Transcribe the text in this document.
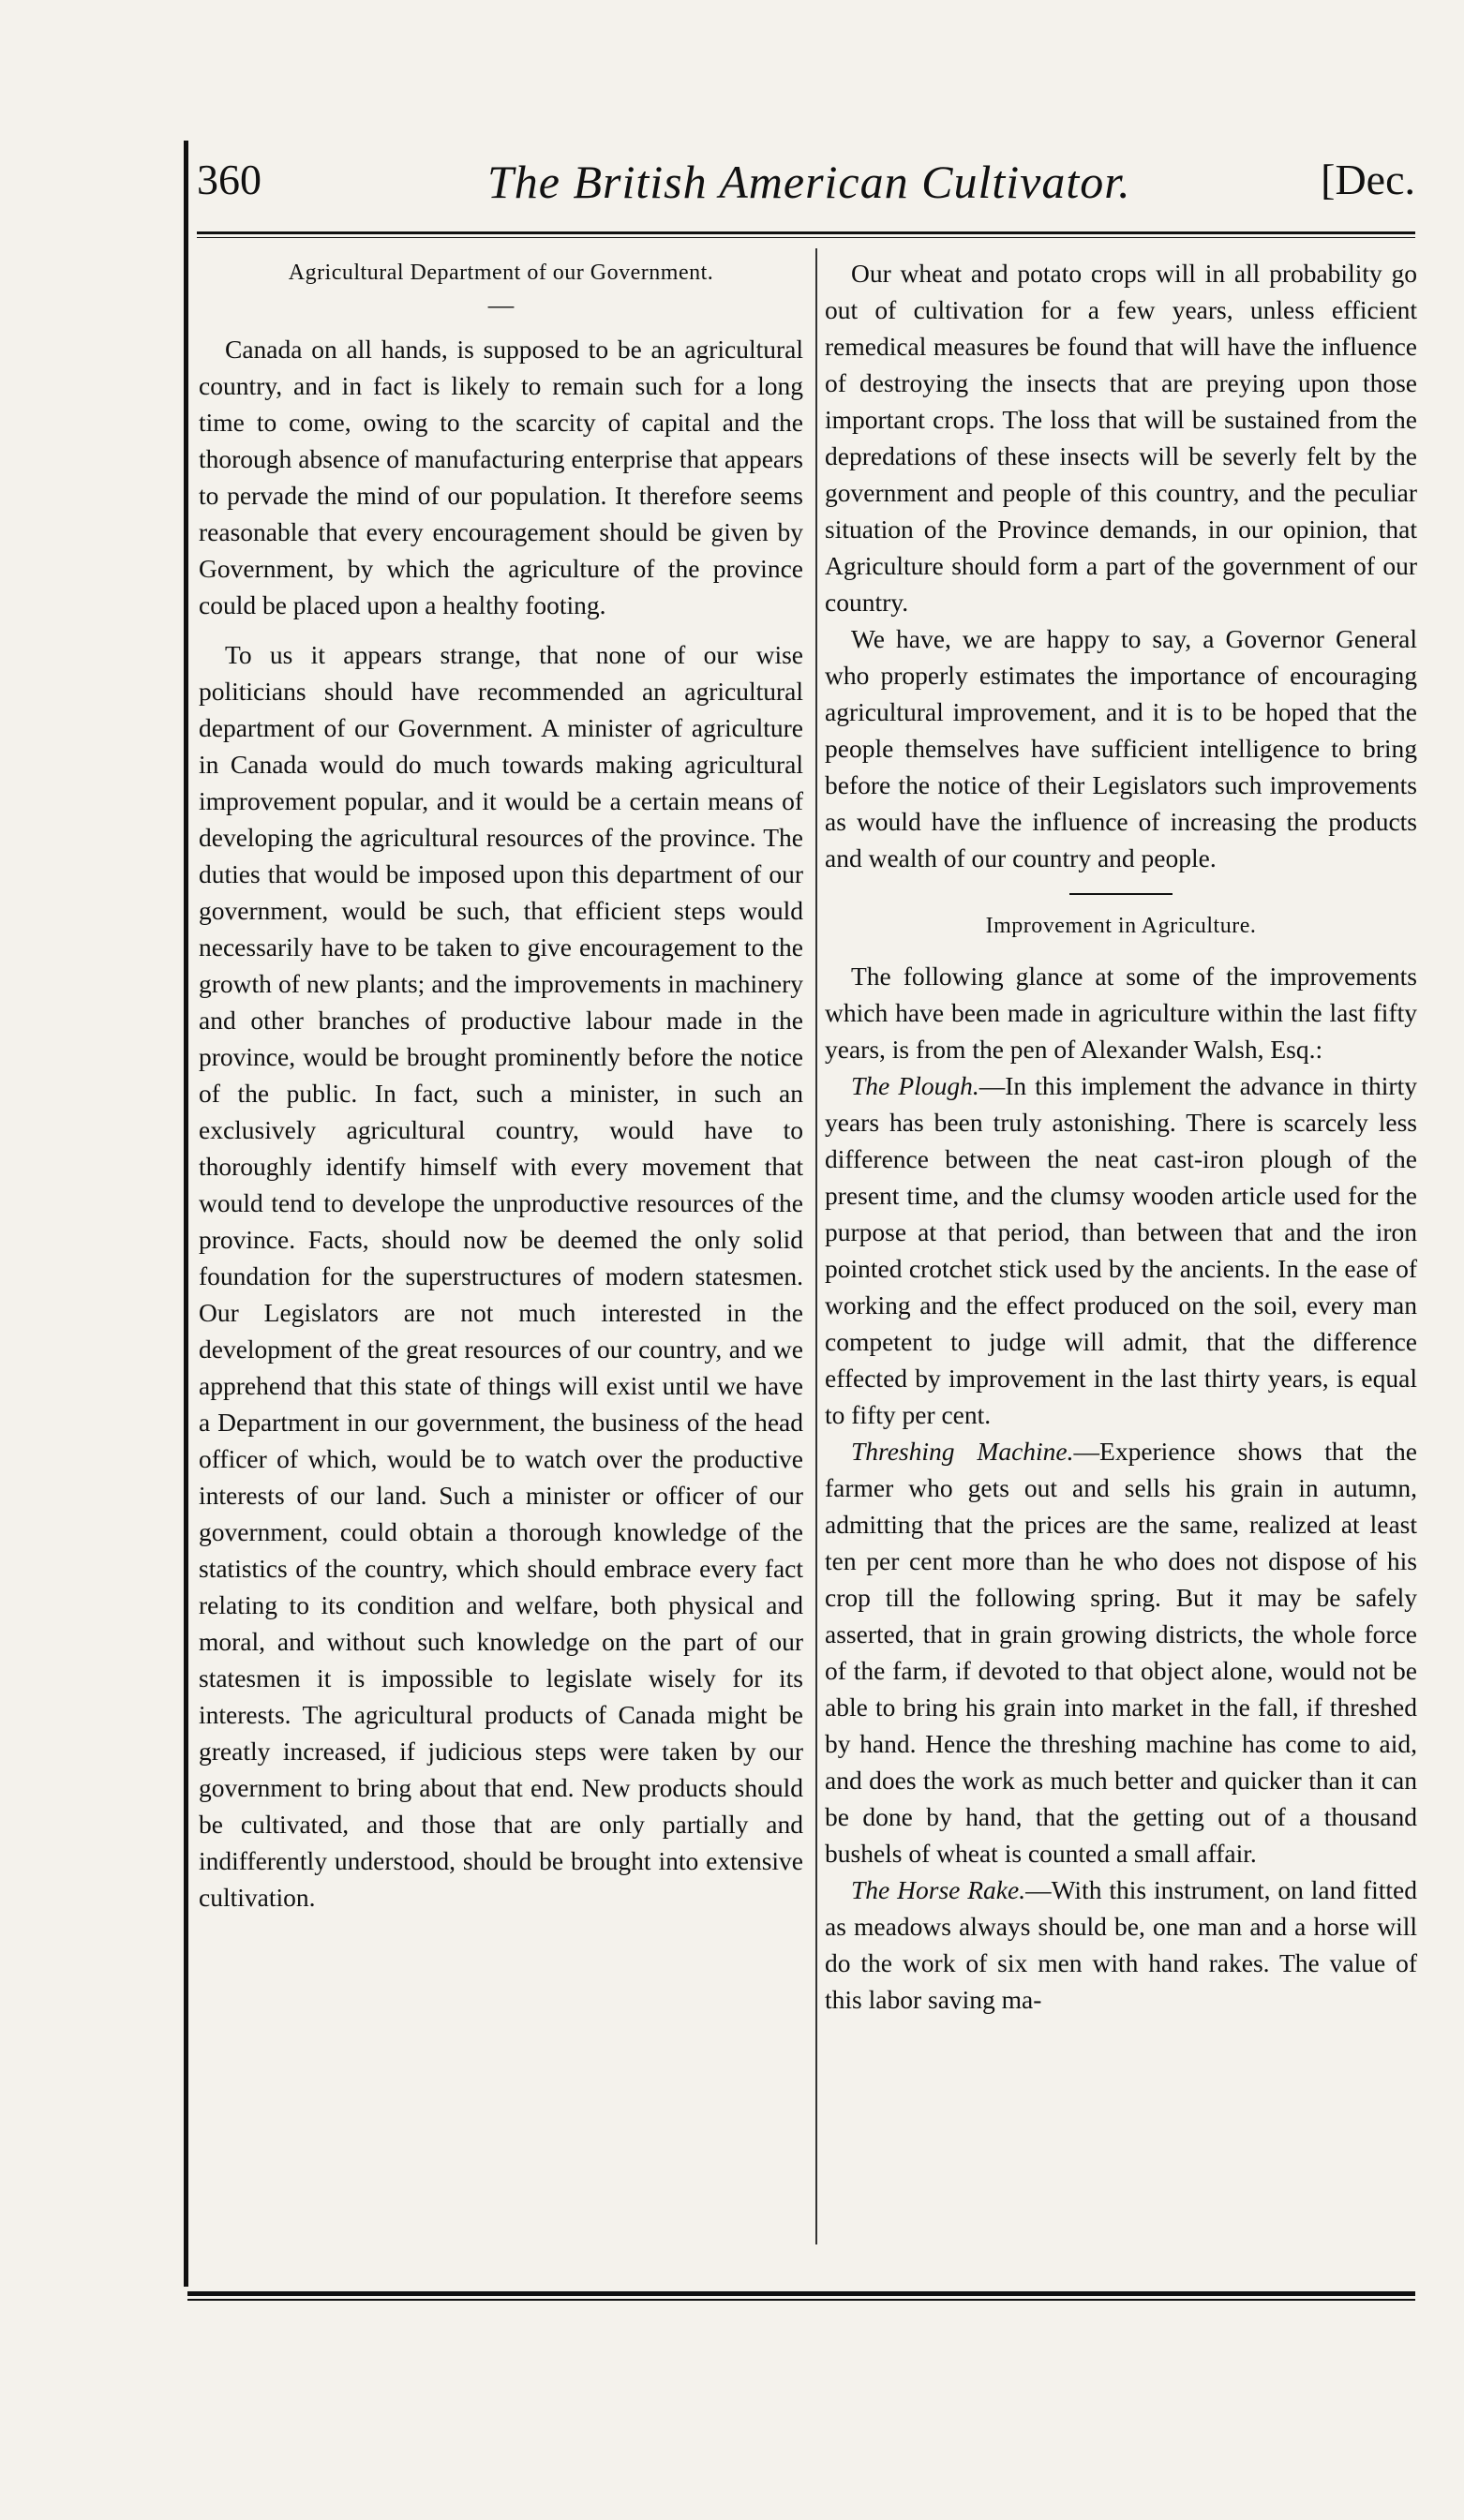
360	The British American Cultivator.	[Dec.

Agricultural Department of our Government.

—

Canada on all hands, is supposed to be an agricultural country, and in fact is likely to remain such for a long time to come, owing to the scarcity of capital and the thorough absence of manufacturing enterprise that appears to pervade the mind of our population. It therefore seems reasonable that every encouragement should be given by Government, by which the agriculture of the province could be placed upon a healthy footing.

To us it appears strange, that none of our wise politicians should have recommended an agricultural department of our Government. A minister of agriculture in Canada would do much towards making agricultural improvement popular, and it would be a certain means of developing the agricultural resources of the province. The duties that would be imposed upon this department of our government, would be such, that efficient steps would necessarily have to be taken to give encouragement to the growth of new plants; and the improvements in machinery and other branches of productive labour made in the province, would be brought prominently before the notice of the public. In fact, such a minister, in such an exclusively agricultural country, would have to thoroughly identify himself with every movement that would tend to develope the unproductive resources of the province. Facts, should now be deemed the only solid foundation for the superstructures of modern statesmen. Our Legislators are not much interested in the development of the great resources of our country, and we apprehend that this state of things will exist until we have a Department in our government, the business of the head officer of which, would be to watch over the productive interests of our land. Such a minister or officer of our government, could obtain a thorough knowledge of the statistics of the country, which should embrace every fact relating to its condition and welfare, both physical and moral, and without such knowledge on the part of our statesmen it is impossible to legislate wisely for its interests. The agricultural products of Canada might be greatly increased, if judicious steps were taken by our government to bring about that end. New products should be cultivated, and those that are only partially and indifferently understood, should be brought into extensive cultivation.

Our wheat and potato crops will in all probability go out of cultivation for a few years, unless efficient remedical measures be found that will have the influence of destroying the insects that are preying upon those important crops. The loss that will be sustained from the depredations of these insects will be severly felt by the government and people of this country, and the peculiar situation of the Province demands, in our opinion, that Agriculture should form a part of the government of our country.

We have, we are happy to say, a Governor General who properly estimates the importance of encouraging agricultural improvement, and it is to be hoped that the people themselves have sufficient intelligence to bring before the notice of their Legislators such improvements as would have the influence of increasing the products and wealth of our country and people.

Improvement in Agriculture.

The following glance at some of the improvements which have been made in agriculture within the last fifty years, is from the pen of Alexander Walsh, Esq.:

The Plough.—In this implement the advance in thirty years has been truly astonishing. There is scarcely less difference between the neat cast-iron plough of the present time, and the clumsy wooden article used for the purpose at that period, than between that and the iron pointed crotchet stick used by the ancients. In the ease of working and the effect produced on the soil, every man competent to judge will admit, that the difference effected by improvement in the last thirty years, is equal to fifty per cent.

Threshing Machine.—Experience shows that the farmer who gets out and sells his grain in autumn, admitting that the prices are the same, realized at least ten per cent more than he who does not dispose of his crop till the following spring. But it may be safely asserted, that in grain growing districts, the whole force of the farm, if devoted to that object alone, would not be able to bring his grain into market in the fall, if threshed by hand. Hence the threshing machine has come to aid, and does the work as much better and quicker than it can be done by hand, that the getting out of a thousand bushels of wheat is counted a small affair.

The Horse Rake.—With this instrument, on land fitted as meadows always should be, one man and a horse will do the work of six men with hand rakes. The value of this labor saving ma-
